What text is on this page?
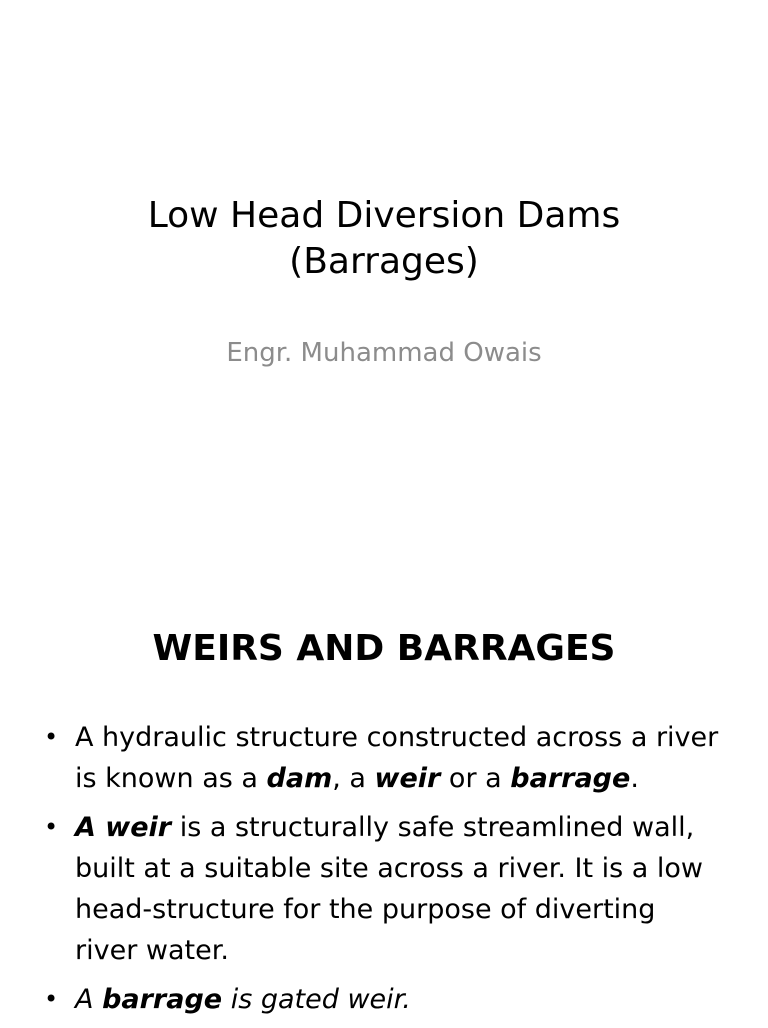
Low Head Diversion Dams
(Barrages)
Engr. Muhammad Owais
WEIRS AND BARRAGES
• A hydraulic structure constructed across a river is known as a dam, a weir or a barrage.
• A weir is a structurally safe streamlined wall, built at a suitable site across a river. It is a low head-structure for the purpose of diverting river water.
• A barrage is gated weir.
